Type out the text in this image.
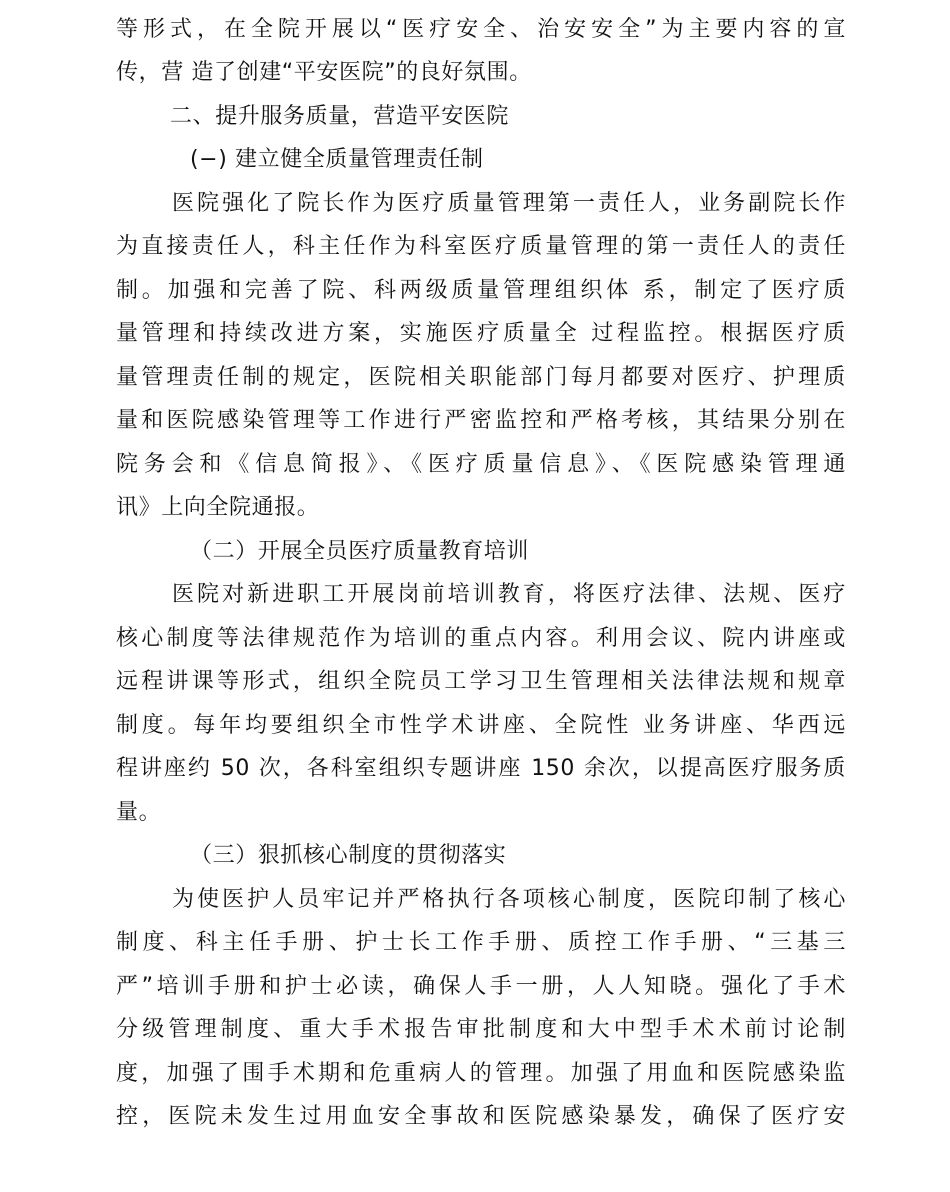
等形式，在全院开展以“医疗安全、治安安全”为主要内容的宣
传，营 造了创建“平安医院”的良好氛围。
二、提升服务质量，营造平安医院
(−) 建立健全质量管理责任制
医院强化了院长作为医疗质量管理第一责任人，业务副院长作
为直接责任人，科主任作为科室医疗质量管理的第一责任人的责任
制。加强和完善了院、科两级质量管理组织体 系，制定了医疗质
量管理和持续改进方案，实施医疗质量全 过程监控。根据医疗质
量管理责任制的规定，医院相关职能部门每月都要对医疗、护理质
量和医院感染管理等工作进行严密监控和严格考核，其结果分别在
院务会和《信息简报》、《医疗质量信息》、《医院感染管理通
讯》上向全院通报。
（二）开展全员医疗质量教育培训
医院对新进职工开展岗前培训教育，将医疗法律、法规、医疗
核心制度等法律规范作为培训的重点内容。利用会议、院内讲座或
远程讲课等形式，组织全院员工学习卫生管理相关法律法规和规章
制度。每年均要组织全市性学术讲座、全院性 业务讲座、华西远
程讲座约 50 次，各科室组织专题讲座 150 余次，以提高医疗服务质
量。
（三）狠抓核心制度的贯彻落实
为使医护人员牢记并严格执行各项核心制度，医院印制了核心
制度、科主任手册、护士长工作手册、质控工作手册、“三基三
严”培训手册和护士必读，确保人手一册，人人知晓。强化了手术
分级管理制度、重大手术报告审批制度和大中型手术术前讨论制
度，加强了围手术期和危重病人的管理。加强了用血和医院感染监
控，医院未发生过用血安全事故和医院感染暴发，确保了医疗安
